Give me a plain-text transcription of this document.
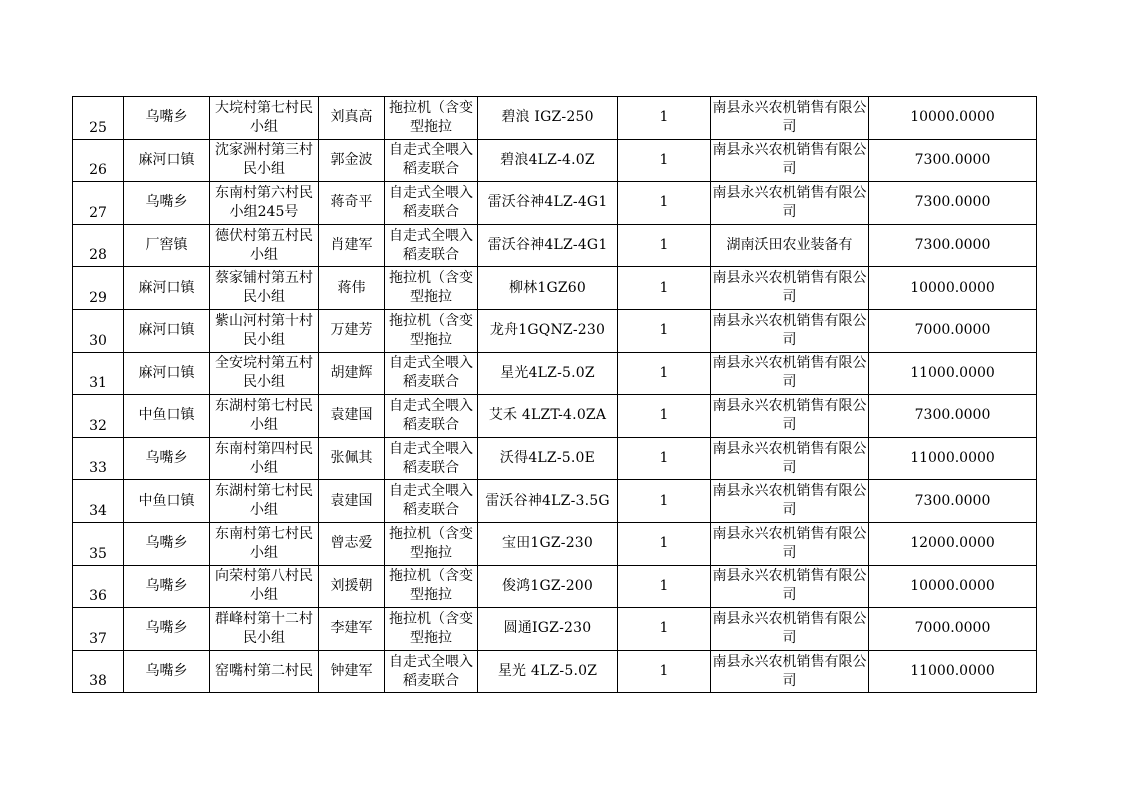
25	乌嘴乡	大垸村第七村民小组	刘真高	拖拉机（含变型拖拉	碧浪 IGZ-250	1	南县永兴农机销售有限公司	10000.0000
26	麻河口镇	沈家洲村第三村民小组	郭金波	自走式全喂入稻麦联合	碧浪4LZ-4.0Z	1	南县永兴农机销售有限公司	7300.0000
27	乌嘴乡	东南村第六村民小组245号	蒋奇平	自走式全喂入稻麦联合	雷沃谷神4LZ-4G1	1	南县永兴农机销售有限公司	7300.0000
28	厂窖镇	德伏村第五村民小组	肖建军	自走式全喂入稻麦联合	雷沃谷神4LZ-4G1	1	湖南沃田农业装备有	7300.0000
29	麻河口镇	蔡家铺村第五村民小组	蒋伟	拖拉机（含变型拖拉	柳林1GZ60	1	南县永兴农机销售有限公司	10000.0000
30	麻河口镇	紫山河村第十村民小组	万建芳	拖拉机（含变型拖拉	龙舟1GQNZ-230	1	南县永兴农机销售有限公司	7000.0000
31	麻河口镇	全安垸村第五村民小组	胡建辉	自走式全喂入稻麦联合	星光4LZ-5.0Z	1	南县永兴农机销售有限公司	11000.0000
32	中鱼口镇	东湖村第七村民小组	袁建国	自走式全喂入稻麦联合	艾禾 4LZT-4.0ZA	1	南县永兴农机销售有限公司	7300.0000
33	乌嘴乡	东南村第四村民小组	张佩其	自走式全喂入稻麦联合	沃得4LZ-5.0E	1	南县永兴农机销售有限公司	11000.0000
34	中鱼口镇	东湖村第七村民小组	袁建国	自走式全喂入稻麦联合	雷沃谷神4LZ-3.5G	1	南县永兴农机销售有限公司	7300.0000
35	乌嘴乡	东南村第七村民小组	曾志爱	拖拉机（含变型拖拉	宝田1GZ-230	1	南县永兴农机销售有限公司	12000.0000
36	乌嘴乡	向荣村第八村民小组	刘援朝	拖拉机（含变型拖拉	俊鸿1GZ-200	1	南县永兴农机销售有限公司	10000.0000
37	乌嘴乡	群峰村第十二村民小组	李建军	拖拉机（含变型拖拉	圆通IGZ-230	1	南县永兴农机销售有限公司	7000.0000
38	乌嘴乡	窑嘴村第二村民	钟建军	自走式全喂入稻麦联合	星光 4LZ-5.0Z	1	南县永兴农机销售有限公司	11000.0000
